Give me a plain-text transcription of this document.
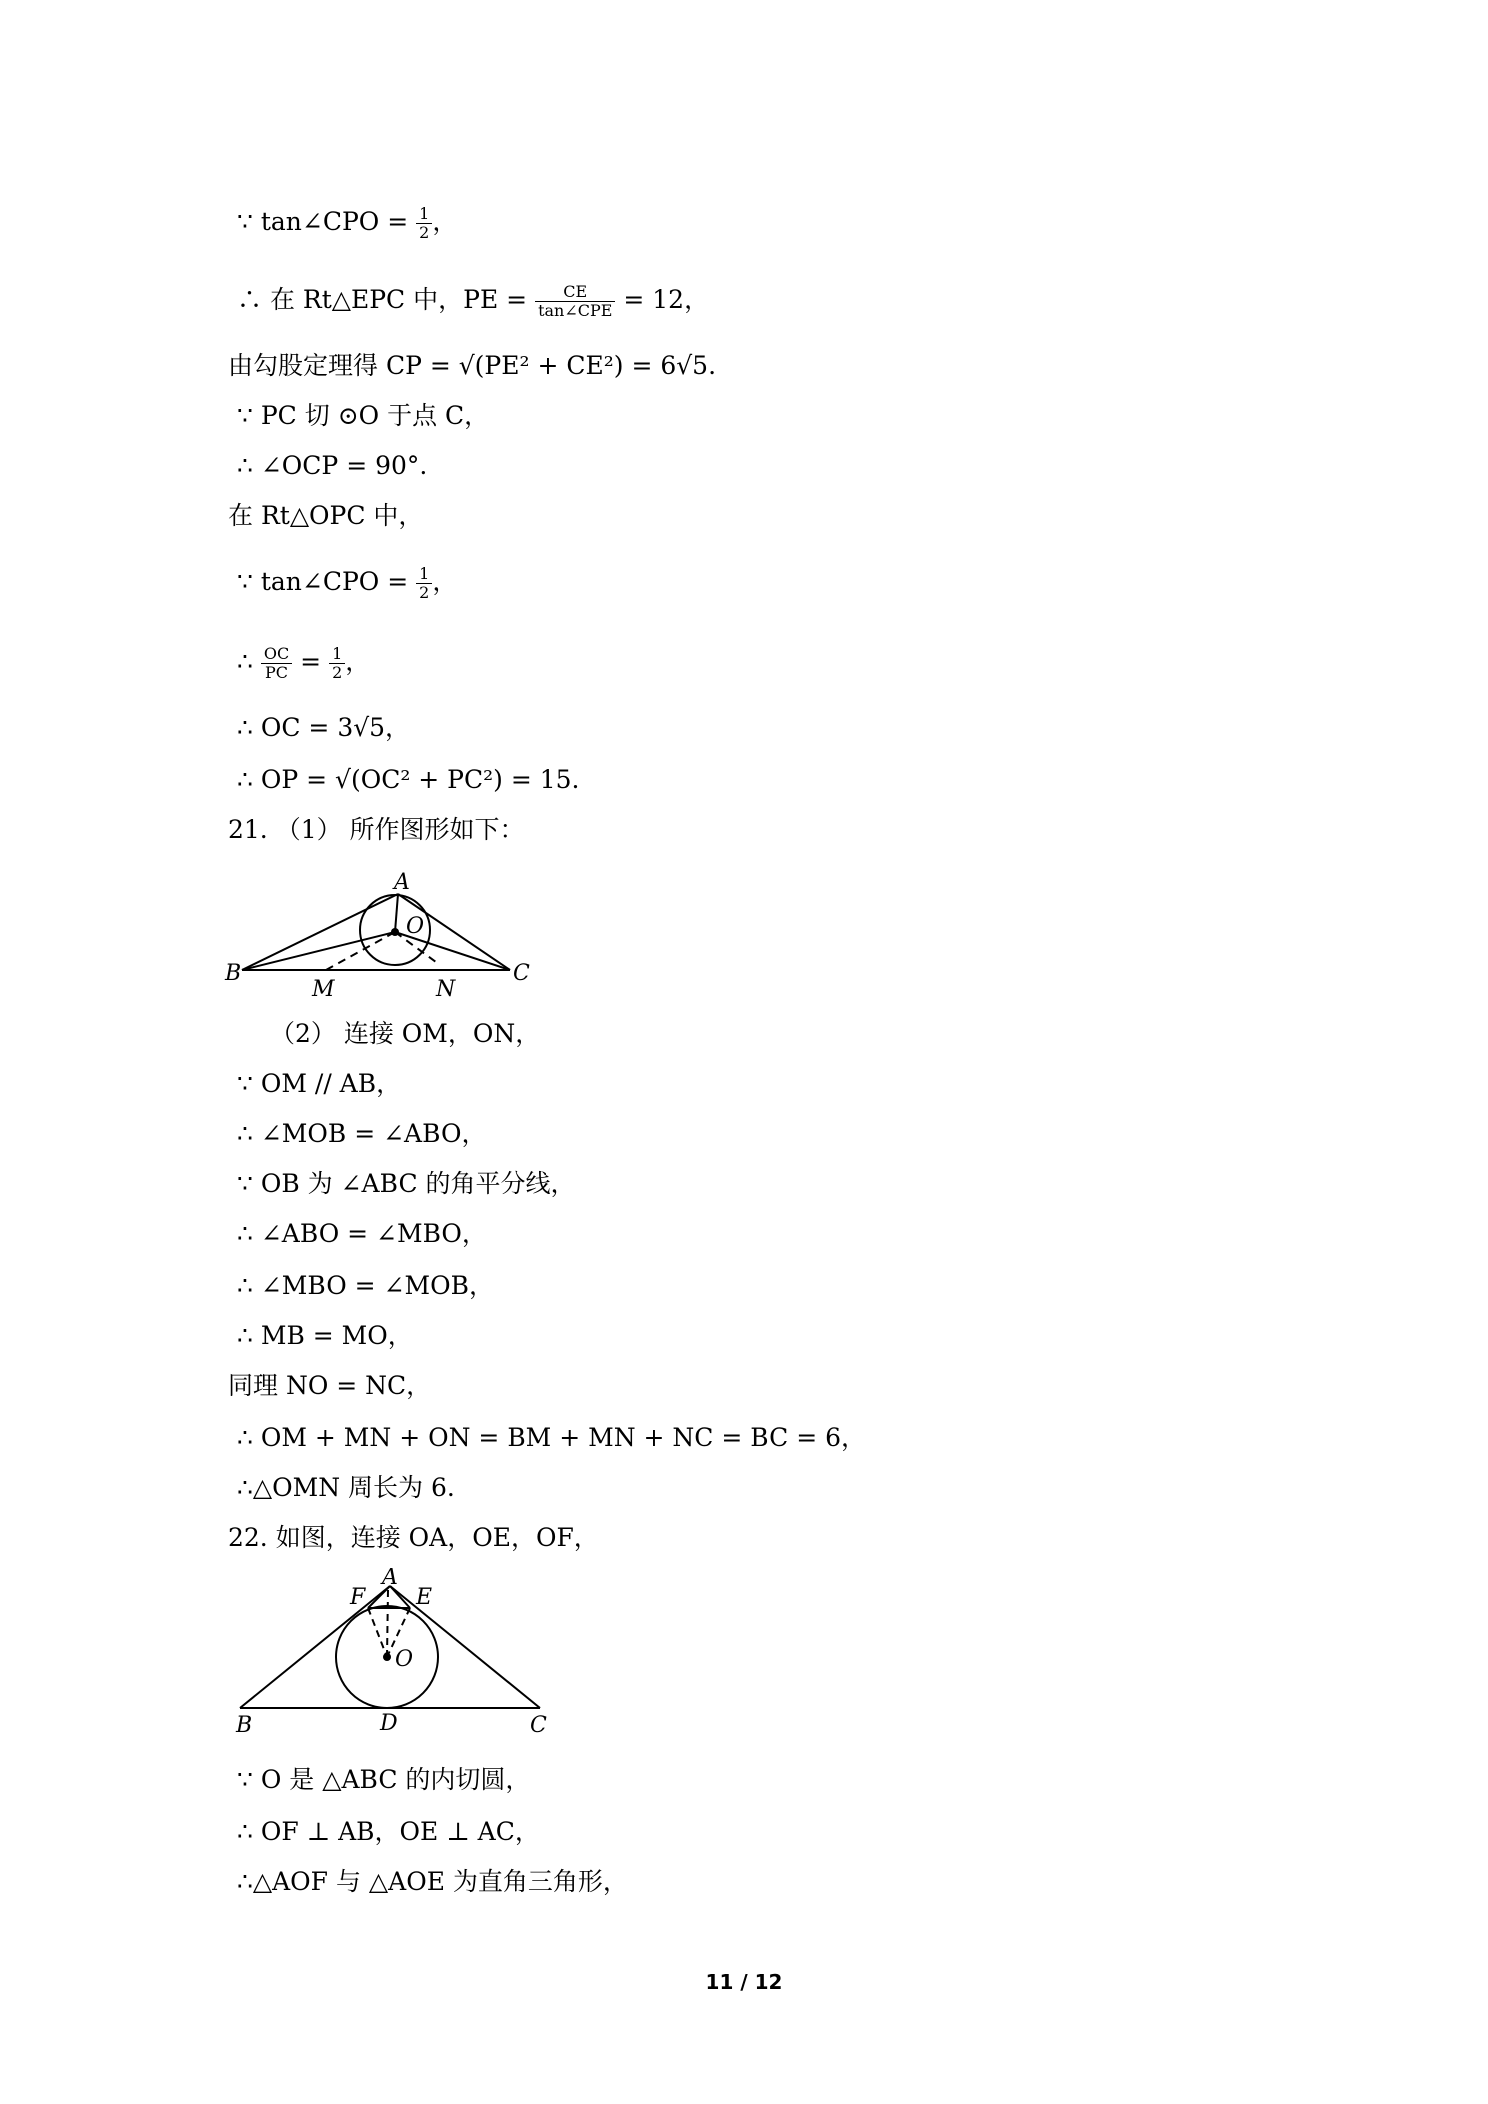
∵ tan∠CPO = $\frac{1}{2}$ ，
∴ 在 Rt△EPC 中，PE = $\frac{CE}{\text{tan∠CPE}} = 12$，
由勾股定理得 CP = √(PE² + CE²) = 6√5.
∵ PC 切 ⊙O 于点 C，
∴ ∠OCP = 90°.
在 Rt△OPC 中，
∵ tan∠CPO = $\frac{1}{2}$ ，
∴ $\frac{OC}{PC} = \frac{1}{2}$ ，
∴ OC = 3√5，
∴ OP = √(OC² + PC²) = 15.
21. （1） 所作图形如下：
A
O
B	C
M	N
（2） 连接 OM，ON，
∵ OM // AB，
∴ ∠MOB = ∠ABO，
∵ OB 为 ∠ABC 的角平分线，
∴ ∠ABO = ∠MBO，
∴ ∠MBO = ∠MOB，
∴ MB = MO，
同理 NO = NC，
∴ OM + MN + ON = BM + MN + NC = BC = 6，
∴△OMN 周长为 6.
22. 如图，连接 OA，OE，OF，
A
F E
O
B	D	C
∵ O 是 △ABC 的内切圆，
∴ OF ⊥ AB，OE ⊥ AC，
∴△AOF 与 △AOE 为直角三角形，
11 / 12
